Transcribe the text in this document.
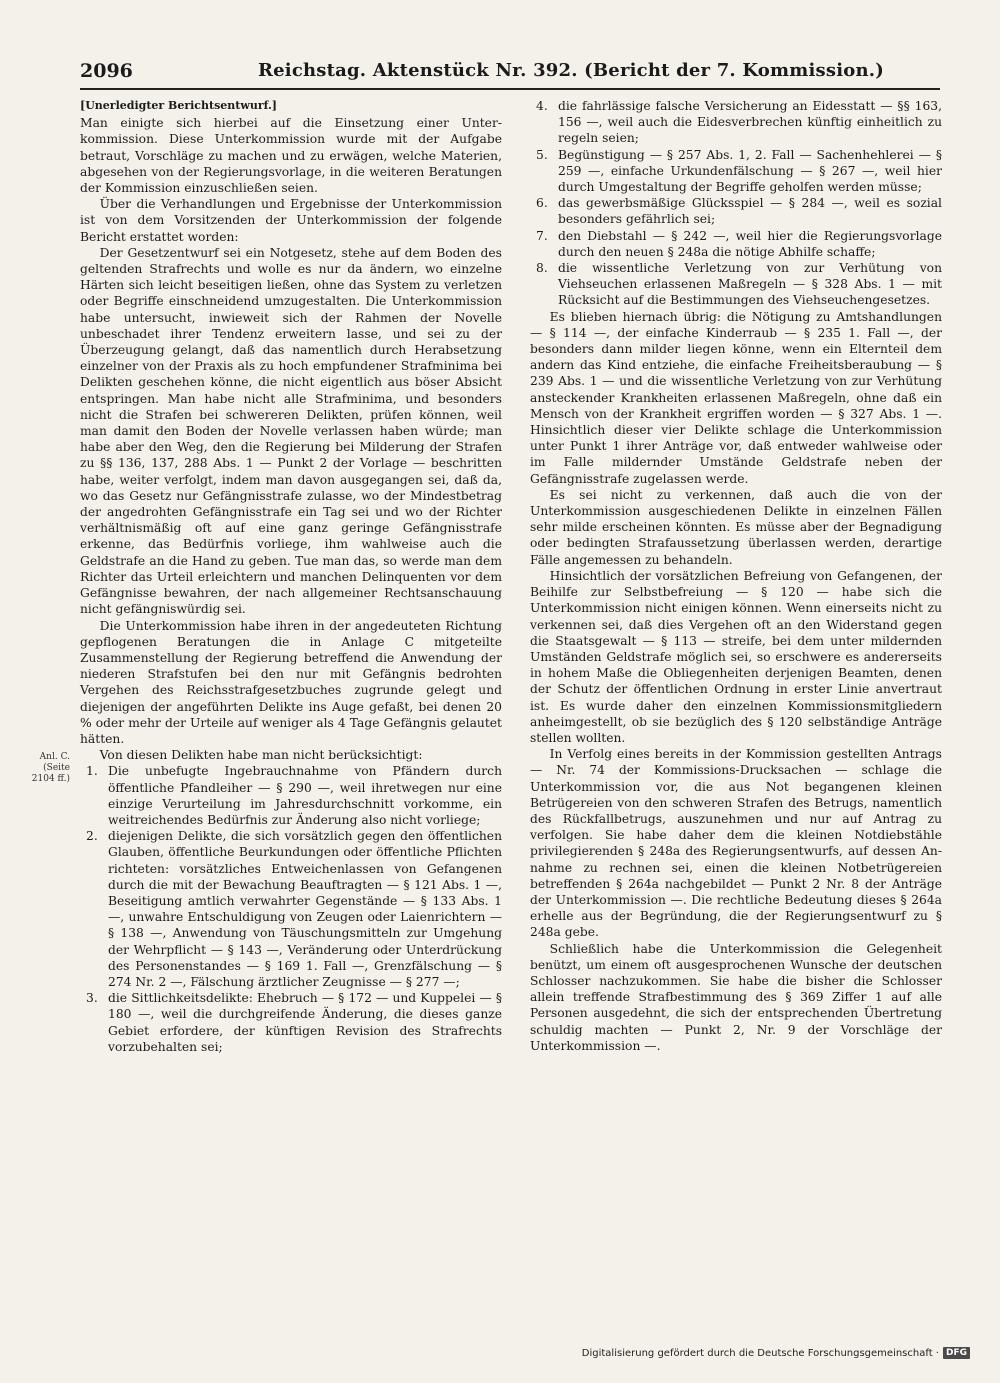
2096	Reichstag. Aktenstück Nr. 392. (Bericht der 7. Kommission.)
Anl. C. (Seite 2104 ff.)

[Unerledigter Berichtsentwurf.]

Man einigte sich hierbei auf die Einsetzung einer Unterkommission. Diese Unterkommission wurde mit der Aufgabe betraut, Vorschläge zu machen und zu erwägen, welche Materien, abgesehen von der Regierungsvorlage, in die weiteren Beratungen der Kommission einzuschließen seien.

Über die Verhandlungen und Ergebnisse der Unterkommission ist von dem Vorsitzenden der Unterkommission der folgende Bericht erstattet worden:

Der Gesetzentwurf sei ein Notgesetz, stehe auf dem Boden des geltenden Strafrechts und wolle es nur da ändern, wo einzelne Härten sich leicht beseitigen ließen, ohne das System zu verletzen oder Begriffe einschneidend umzugestalten. Die Unterkommission habe untersucht, inwieweit sich der Rahmen der Novelle unbeschadet ihrer Tendenz erweitern lasse, und sei zu der Überzeugung gelangt, daß das namentlich durch Herabsetzung einzelner von der Praxis als zu hoch empfundener Strafminima bei Delikten geschehen könne, die nicht eigentlich aus böser Absicht entspringen. Man habe nicht alle Strafminima, und besonders nicht die Strafen bei schwereren Delikten, prüfen können, weil man damit den Boden der Novelle verlassen haben würde; man habe aber den Weg, den die Regierung bei Milderung der Strafen zu §§ 136, 137, 288 Abs. 1 — Punkt 2 der Vorlage — beschritten habe, weiter verfolgt, indem man davon ausgegangen sei, daß da, wo das Gesetz nur Gefängnisstrafe zulasse, wo der Mindestbetrag der angedrohten Gefängnisstrafe ein Tag sei und wo der Richter verhältnismäßig oft auf eine ganz geringe Gefängnisstrafe erkenne, das Bedürfnis vorliege, ihm wahlweise auch die Geldstrafe an die Hand zu geben. Tue man das, so werde man dem Richter das Urteil erleichtern und manchen Delinquenten vor dem Gefängnisse bewahren, der nach allgemeiner Rechtsanschauung nicht gefängniswürdig sei.

Die Unterkommission habe ihren in der angedeuteten Richtung gepflogenen Beratungen die in Anlage C mitgeteilte Zusammenstellung der Regierung betreffend die Anwendung der niederen Strafstufen bei den nur mit Gefängnis bedrohten Vergehen des Reichsstrafgesetzbuches zugrunde gelegt und diejenigen der angeführten Delikte ins Auge gefaßt, bei denen 20 % oder mehr der Urteile auf weniger als 4 Tage Gefängnis gelautet hätten.

Von diesen Delikten habe man nicht berücksichtigt:

1. Die unbefugte Ingebrauchnahme von Pfändern durch öffentliche Pfandleiher — § 290 —, weil ihretwegen nur eine einzige Verurteilung im Jahresdurchschnitt vorkomme, ein weitreichendes Bedürfnis zur Änderung also nicht vorliege;
2. diejenigen Delikte, die sich vorsätzlich gegen den öffentlichen Glauben, öffentliche Beurkundungen oder öffentliche Pflichten richteten: vorsätzliches Entweichenlassen von Gefangenen durch die mit der Bewachung Beauftragten — § 121 Abs. 1 —, Beseitigung amtlich verwahrter Gegenstände — § 133 Abs. 1 —, unwahre Entschuldigung von Zeugen oder Laienrichtern — § 138 —, Anwendung von Täuschungsmitteln zur Umgehung der Wehrpflicht — § 143 —, Veränderung oder Unterdrückung des Personenstandes — § 169 1. Fall —, Grenzfälschung — § 274 Nr. 2 —, Fälschung ärztlicher Zeugnisse — § 277 —;
3. die Sittlichkeitsdelikte: Ehebruch — § 172 — und Kuppelei — § 180 —, weil die durchgreifende Änderung, die dieses ganze Gebiet erfordere, der künftigen Revision des Strafrechts vorzubehalten sei;
4. die fahrlässige falsche Versicherung an Eidesstatt — §§ 163, 156 —, weil auch die Eidesverbrechen künftig einheitlich zu regeln seien;
5. Begünstigung — § 257 Abs. 1, 2. Fall — Sachenhehlerei — § 259 —, einfache Urkundenfälschung — § 267 —, weil hier durch Umgestaltung der Begriffe geholfen werden müsse;
6. das gewerbsmäßige Glücksspiel — § 284 —, weil es sozial besonders gefährlich sei;
7. den Diebstahl — § 242 —, weil hier die Regierungsvorlage durch den neuen § 248a die nötige Abhilfe schaffe;
8. die wissentliche Verletzung von zur Verhütung von Viehseuchen erlassenen Maßregeln — § 328 Abs. 1 — mit Rücksicht auf die Bestimmungen des Viehseuchengesetzes.

Es blieben hiernach übrig: die Nötigung zu Amtshandlungen — § 114 —, der einfache Kinderraub — § 235 1. Fall —, der besonders dann milder liegen könne, wenn ein Elternteil dem andern das Kind entziehe, die einfache Freiheitsberaubung — § 239 Abs. 1 — und die wissentliche Verletzung von zur Verhütung ansteckender Krankheiten erlassenen Maßregeln, ohne daß ein Mensch von der Krankheit ergriffen worden — § 327 Abs. 1 —. Hinsichtlich dieser vier Delikte schlage die Unterkommission unter Punkt 1 ihrer Anträge vor, daß entweder wahlweise oder im Falle mildernder Umstände Geldstrafe neben der Gefängnisstrafe zugelassen werde.

Es sei nicht zu verkennen, daß auch die von der Unterkommission ausgeschiedenen Delikte in einzelnen Fällen sehr milde erscheinen könnten. Es müsse aber der Begnadigung oder bedingten Strafaussetzung überlassen werden, derartige Fälle angemessen zu behandeln.

Hinsichtlich der vorsätzlichen Befreiung von Gefangenen, der Beihilfe zur Selbstbefreiung — § 120 — habe sich die Unterkommission nicht einigen können. Wenn einerseits nicht zu verkennen sei, daß dies Vergehen oft an den Widerstand gegen die Staatsgewalt — § 113 — streife, bei dem unter mildernden Umständen Geldstrafe möglich sei, so erschwere es andererseits in hohem Maße die Obliegenheiten derjenigen Beamten, denen der Schutz der öffentlichen Ordnung in erster Linie anvertraut ist. Es wurde daher den einzelnen Kommissionsmitgliedern anheimgestellt, ob sie bezüglich des § 120 selbständige Anträge stellen wollten.

In Verfolg eines bereits in der Kommission gestellten Antrags — Nr. 74 der Kommissions-Drucksachen — schlage die Unterkommission vor, die aus Not begangenen kleinen Betrügereien von den schweren Strafen des Betrugs, namentlich des Rückfallbetrugs, auszunehmen und nur auf Antrag zu verfolgen. Sie habe daher dem die kleinen Notdiebstähle privilegierenden § 248a des Regierungsentwurfs, auf dessen Annahme zu rechnen sei, einen die kleinen Notbetrügereien betreffenden § 264a nachgebildet — Punkt 2 Nr. 8 der Anträge der Unterkommission —. Die rechtliche Bedeutung dieses § 264a erhelle aus der Begründung, die der Regierungsentwurf zu § 248a gebe.

Schließlich habe die Unterkommission die Gelegenheit benützt, um einem oft ausgesprochenen Wunsche der deutschen Schlosser nachzukommen. Sie habe die bisher die Schlosser allein treffende Strafbestimmung des § 369 Ziffer 1 auf alle Personen ausgedehnt, die sich der entsprechenden Übertretung schuldig machten — Punkt 2, Nr. 9 der Vorschläge der Unterkommission —.

Digitalisierung gefördert durch die Deutsche Forschungsgemeinschaft · DFG
